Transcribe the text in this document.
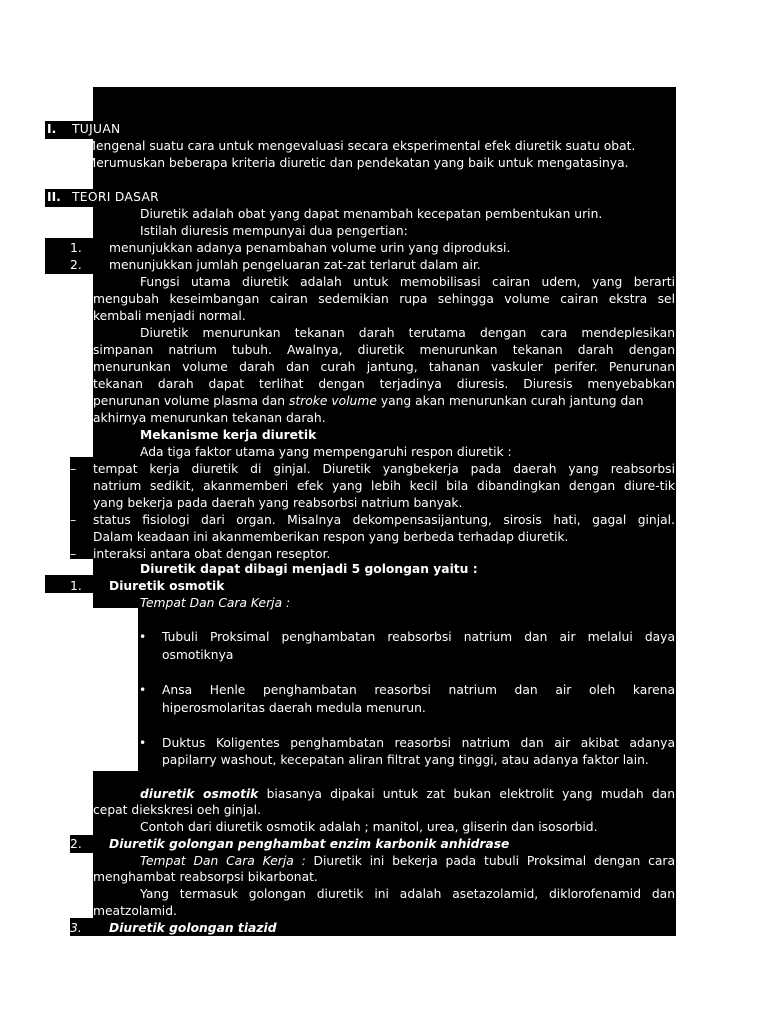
I. TUJUAN
a. Mengenal suatu cara untuk mengevaluasi secara eksperimental efek diuretik suatu obat.
b. Merumuskan beberapa kriteria diuretic dan pendekatan yang baik untuk mengatasinya.
II. TEORI DASAR
Diuretik adalah obat yang dapat menambah kecepatan pembentukan urin.
Istilah diuresis mempunyai dua pengertian:
1. menunjukkan adanya penambahan volume urin yang diproduksi.
2. menunjukkan jumlah pengeluaran zat-zat terlarut dalam air.
Fungsi utama diuretik adalah untuk memobilisasi cairan udem, yang berarti
mengubah keseimbangan cairan sedemikian rupa sehingga volume cairan ekstra sel
kembali menjadi normal.
Diuretik menurunkan tekanan darah terutama dengan cara mendeplesikan
simpanan natrium tubuh. Awalnya, diuretik menurunkan tekanan darah dengan
menurunkan volume darah dan curah jantung, tahanan vaskuler perifer. Penurunan
tekanan darah dapat terlihat dengan terjadinya diuresis. Diuresis menyebabkan
penurunan volume plasma dan stroke volume yang akan menurunkan curah jantung dan
akhirnya menurunkan tekanan darah.
Mekanisme kerja diuretik
Ada tiga faktor utama yang mempengaruhi respon diuretik :
– tempat kerja diuretik di ginjal. Diuretik yangbekerja pada daerah yang reabsorbsi
natrium sedikit, akanmemberi efek yang lebih kecil bila dibandingkan dengan diure-tik
yang bekerja pada daerah yang reabsorbsi natrium banyak.
– status fisiologi dari organ. Misalnya dekompensasijantung, sirosis hati, gagal ginjal.
Dalam keadaan ini akanmemberikan respon yang berbeda terhadap diuretik.
– interaksi antara obat dengan reseptor.
Diuretik dapat dibagi menjadi 5 golongan yaitu :
1. Diuretik osmotik
Tempat Dan Cara Kerja :
• Tubuli Proksimal penghambatan reabsorbsi natrium dan air melalui daya
osmotiknya
• Ansa Henle penghambatan reasorbsi natrium dan air oleh karena
hiperosmolaritas daerah medula menurun.
• Duktus Koligentes penghambatan reasorbsi natrium dan air akibat adanya
papilarry washout, kecepatan aliran filtrat yang tinggi, atau adanya faktor lain.
diuretik osmotik biasanya dipakai untuk zat bukan elektrolit yang mudah dan
cepat diekskresi oeh ginjal.
Contoh dari diuretik osmotik adalah ; manitol, urea, gliserin dan isosorbid.
2. Diuretik golongan penghambat enzim karbonik anhidrase
Tempat Dan Cara Kerja : Diuretik ini bekerja pada tubuli Proksimal dengan cara
menghambat reabsorpsi bikarbonat.
Yang termasuk golongan diuretik ini adalah asetazolamid, diklorofenamid dan
meatzolamid.
3. Diuretik golongan tiazid
